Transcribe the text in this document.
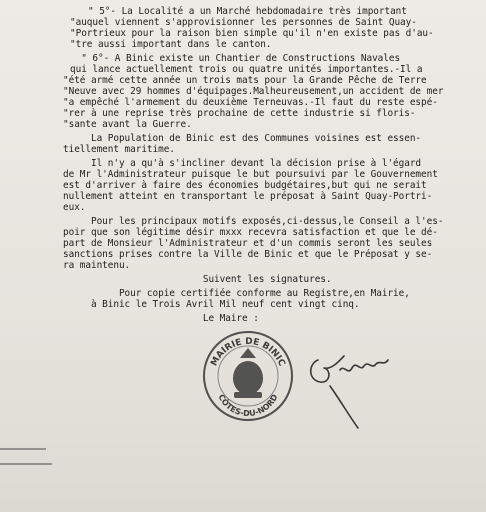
" 5°- La Localité a un Marché hebdomadaire très important
"auquel viennent s'approvisionner les personnes de Saint Quay-
"Portrieux pour la raison bien simple qu'il n'en existe pas d'au-
"tre aussi important dans le canton.
" 6°- A Binic existe un Chantier de Constructions Navales
qui lance actuellement trois ou quatre unités importantes.-Il a
"été armé cette année un trois mats pour la Grande Pêche de Terre
"Neuve avec 29 hommes d'équipages.Malheureusement,un accident de mer
"a empêché l'armement du deuxième Terneuvas.-Il faut du reste espé-
"rer à une reprise très prochaine de cette industrie si floris-
"sante avant la Guerre.
La Population de Binic est des Communes voisines est essen-
tiellement maritime.
Il n'y a qu'à s'incliner devant la décision prise à l'égard
de Mr l'Administrateur puisque le but poursuivi par le Gouvernement
est d'arriver à faire des économies budgétaires,but qui ne serait
nullement atteint en transportant le préposat à Saint Quay-Portri-
eux.
Pour les principaux motifs exposés,ci-dessus,le Conseil a l'es-
poir que son légitime désir mxxx recevra satisfaction et que le dé-
part de Monsieur l'Administrateur et d'un commis seront les seules
sanctions prises contre la Ville de Binic et que le Préposat y se-
ra maintenu.
Suivent les signatures.
Pour copie certifiée conforme au Registre,en Mairie,
à Binic le Trois Avril Mil neuf cent vingt cinq.
Le Maire :
MAIRIE DE BINIC
CÔTES-DU-NORD
